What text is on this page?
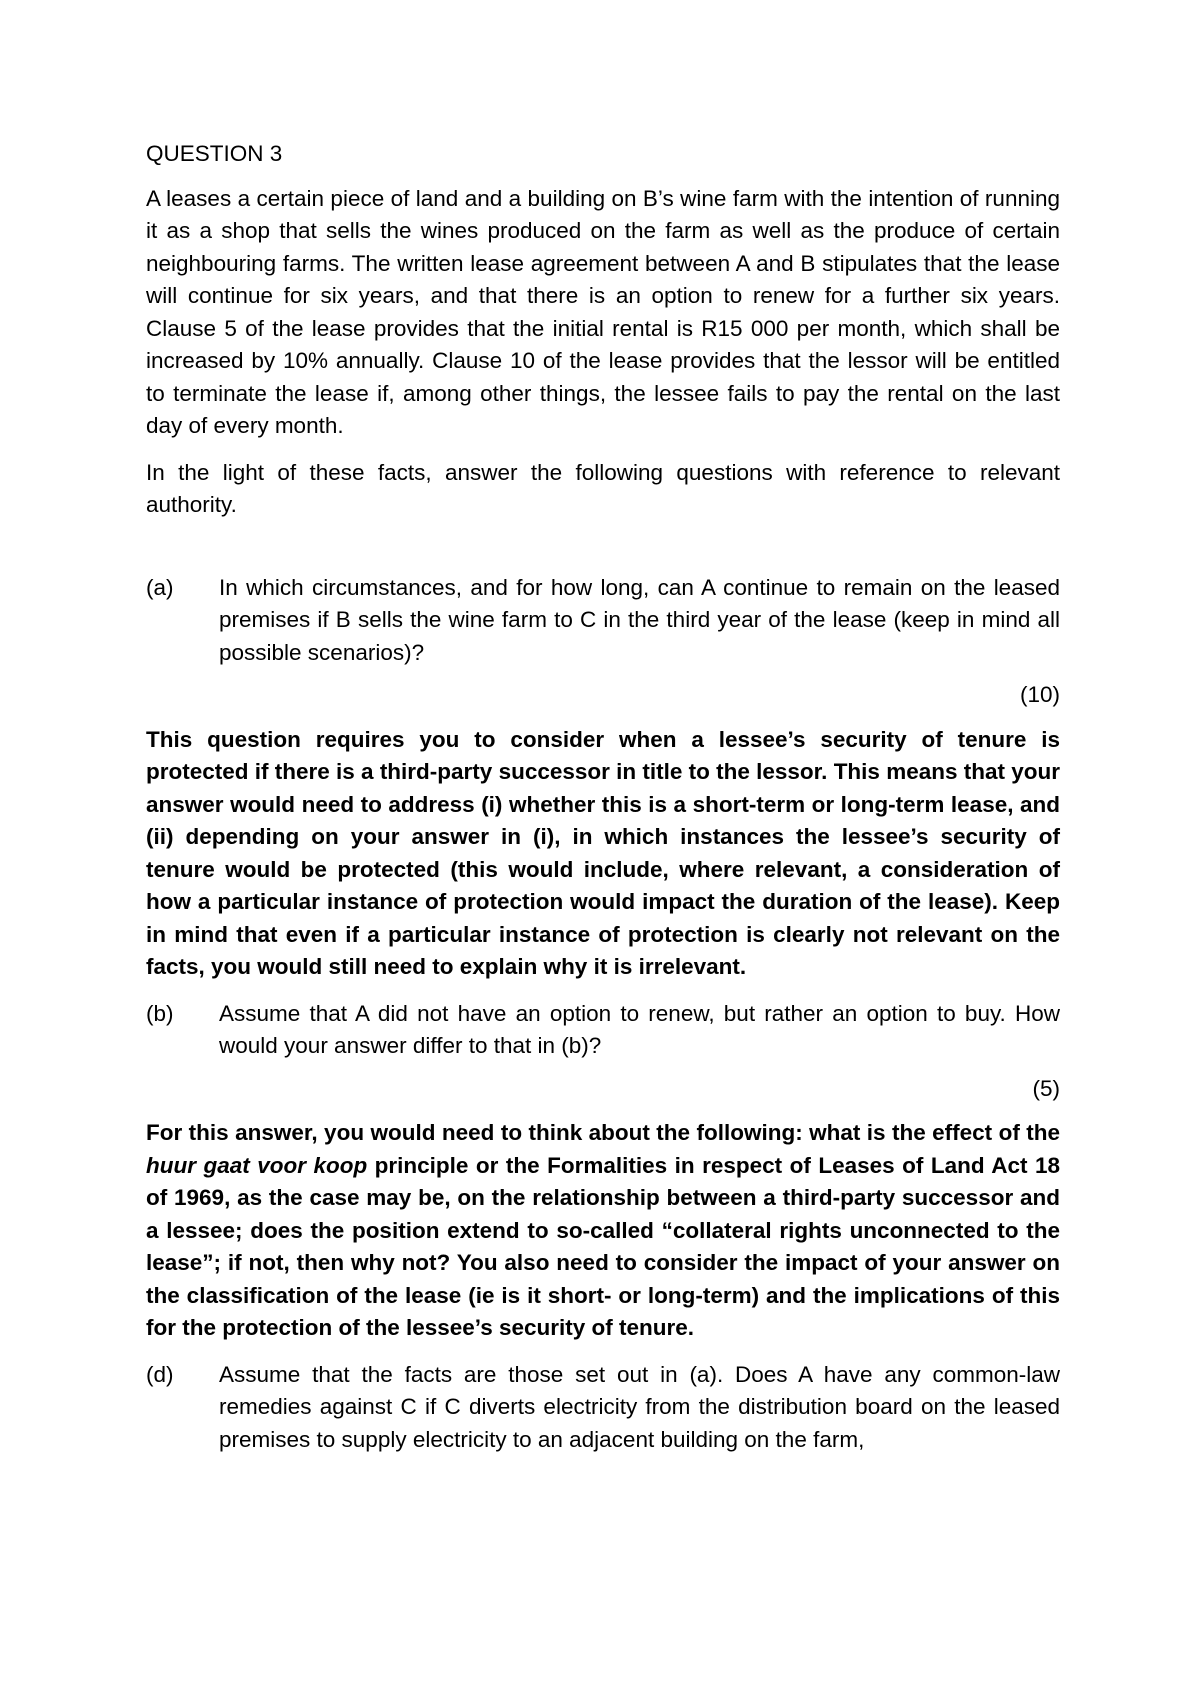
QUESTION 3

A leases a certain piece of land and a building on B’s wine farm with the intention of running it as a shop that sells the wines produced on the farm as well as the produce of certain neighbouring farms. The written lease agreement between A and B stipulates that the lease will continue for six years, and that there is an option to renew for a further six years. Clause 5 of the lease provides that the initial rental is R15 000 per month, which shall be increased by 10% annually. Clause 10 of the lease provides that the lessor will be entitled to terminate the lease if, among other things, the lessee fails to pay the rental on the last day of every month.

In the light of these facts, answer the following questions with reference to relevant authority.

(a)	In which circumstances, and for how long, can A continue to remain on the leased premises if B sells the wine farm to C in the third year of the lease (keep in mind all possible scenarios)?
(10)

This question requires you to consider when a lessee’s security of tenure is protected if there is a third-party successor in title to the lessor. This means that your answer would need to address (i) whether this is a short-term or long-term lease, and (ii) depending on your answer in (i), in which instances the lessee’s security of tenure would be protected (this would include, where relevant, a consideration of how a particular instance of protection would impact the duration of the lease). Keep in mind that even if a particular instance of protection is clearly not relevant on the facts, you would still need to explain why it is irrelevant.

(b)	Assume that A did not have an option to renew, but rather an option to buy. How would your answer differ to that in (b)?
(5)

For this answer, you would need to think about the following: what is the effect of the huur gaat voor koop principle or the Formalities in respect of Leases of Land Act 18 of 1969, as the case may be, on the relationship between a third-party successor and a lessee; does the position extend to so-called “collateral rights unconnected to the lease”; if not, then why not? You also need to consider the impact of your answer on the classification of the lease (ie is it short- or long-term) and the implications of this for the protection of the lessee’s security of tenure.

(d)	Assume that the facts are those set out in (a). Does A have any common-law remedies against C if C diverts electricity from the distribution board on the leased premises to supply electricity to an adjacent building on the farm,
